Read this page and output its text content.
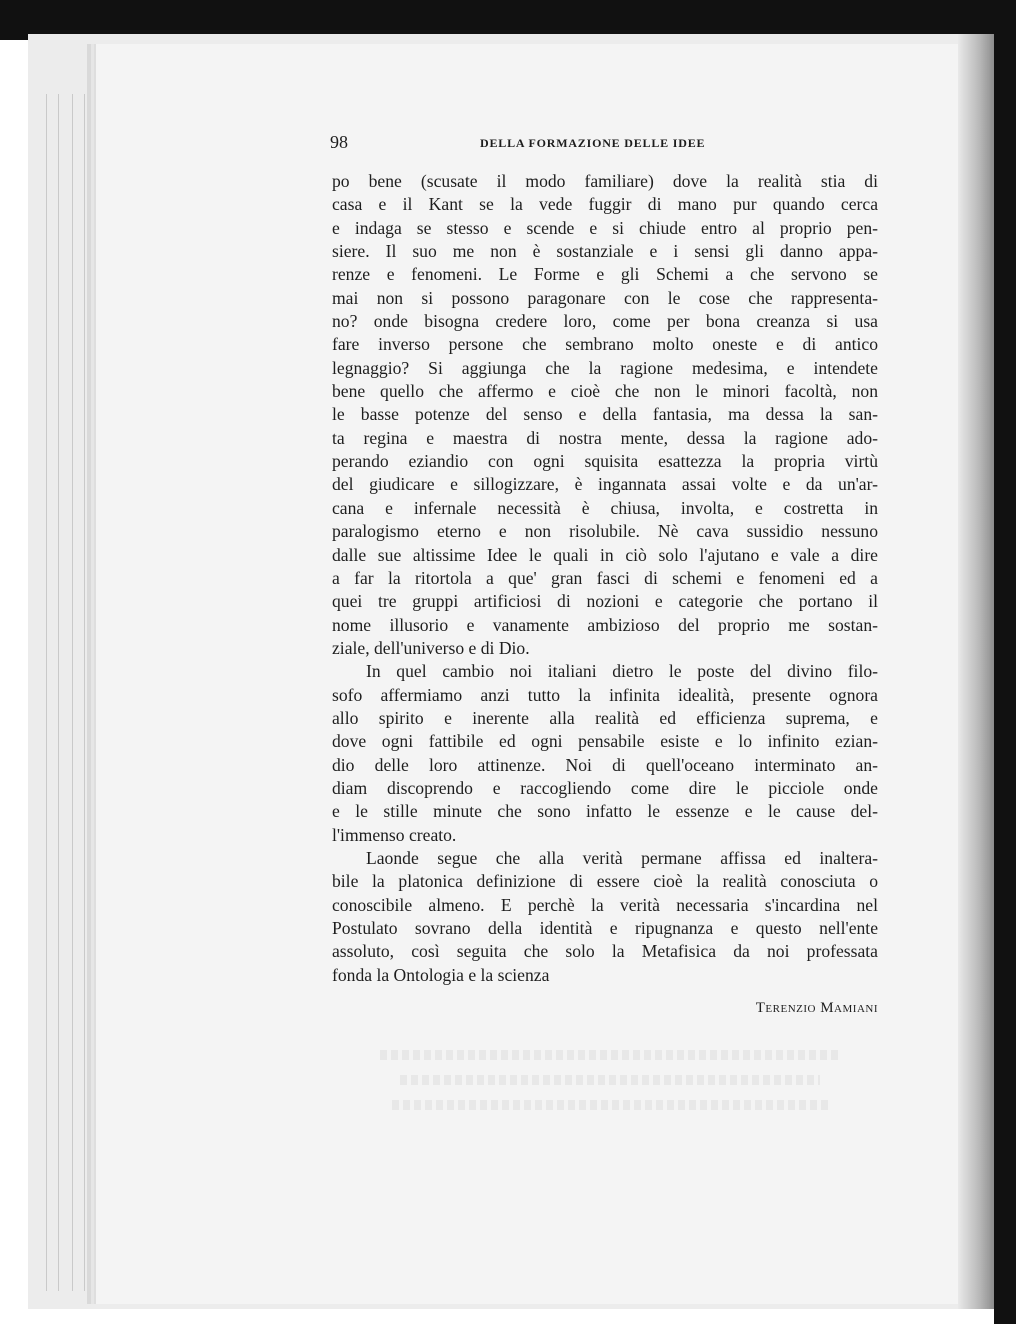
98	DELLA FORMAZIONE DELLE IDEE
po bene (scusate il modo familiare) dove la realità stia di
casa e il Kant se la vede fuggir di mano pur quando cerca
e indaga se stesso e scende e si chiude entro al proprio pen-
siere. Il suo me non è sostanziale e i sensi gli danno appa-
renze e fenomeni. Le Forme e gli Schemi a che servono se
mai non si possono paragonare con le cose che rappresenta-
no? onde bisogna credere loro, come per bona creanza si usa
fare inverso persone che sembrano molto oneste e di antico
legnaggio? Si aggiunga che la ragione medesima, e intendete
bene quello che affermo e cioè che non le minori facoltà, non
le basse potenze del senso e della fantasia, ma dessa la san-
ta regina e maestra di nostra mente, dessa la ragione ado-
perando eziandio con ogni squisita esattezza la propria virtù
del giudicare e sillogizzare, è ingannata assai volte e da un'ar-
cana e infernale necessità è chiusa, involta, e costretta in
paralogismo eterno e non risolubile. Nè cava sussidio nessuno
dalle sue altissime Idee le quali in ciò solo l'ajutano e vale a dire
a far la ritortola a que' gran fasci di schemi e fenomeni ed a
quei tre gruppi artificiosi di nozioni e categorie che portano il
nome illusorio e vanamente ambizioso del proprio me sostan-
ziale, dell'universo e di Dio.
In quel cambio noi italiani dietro le poste del divino filo-
sofo affermiamo anzi tutto la infinita idealità, presente ognora
allo spirito e inerente alla realità ed efficienza suprema, e
dove ogni fattibile ed ogni pensabile esiste e lo infinito ezian-
dio delle loro attinenze. Noi di quell'oceano interminato an-
diam discoprendo e raccogliendo come dire le picciole onde
e le stille minute che sono infatto le essenze e le cause del-
l'immenso creato.
Laonde segue che alla verità permane affissa ed inaltera-
bile la platonica definizione di essere cioè la realità conosciuta o
conoscibile almeno. E perchè la verità necessaria s'incardina nel
Postulato sovrano della identità e ripugnanza e questo nell'ente
assoluto, così seguita che solo la Metafisica da noi professata
fonda la Ontologia e la scienza
Terenzio Mamiani
